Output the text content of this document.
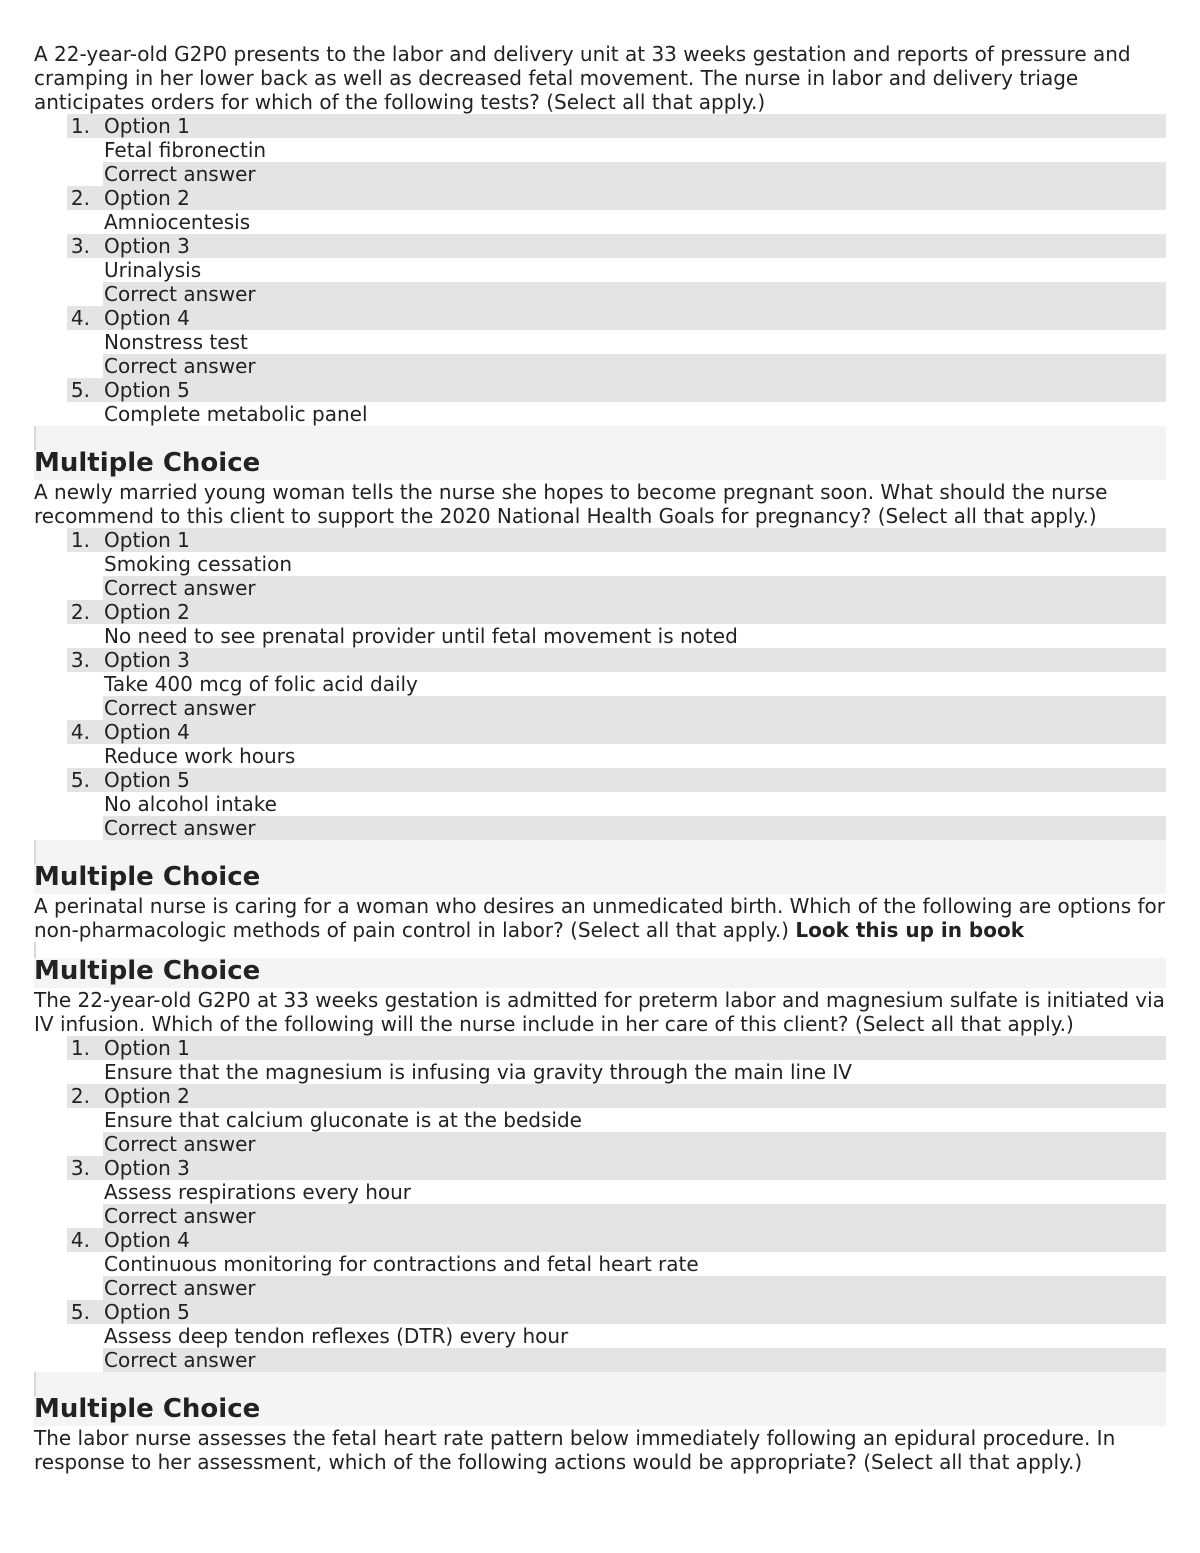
A 22-year-old G2P0 presents to the labor and delivery unit at 33 weeks gestation and reports of pressure and cramping in her lower back as well as decreased fetal movement. The nurse in labor and delivery triage anticipates orders for which of the following tests? (Select all that apply.)

1. Option 1
Fetal fibronectin
Correct answer
2. Option 2
Amniocentesis
3. Option 3
Urinalysis
Correct answer
4. Option 4
Nonstress test
Correct answer
5. Option 5
Complete metabolic panel
Multiple Choice

A newly married young woman tells the nurse she hopes to become pregnant soon. What should the nurse recommend to this client to support the 2020 National Health Goals for pregnancy? (Select all that apply.)

1. Option 1
Smoking cessation
Correct answer
2. Option 2
No need to see prenatal provider until fetal movement is noted
3. Option 3
Take 400 mcg of folic acid daily
Correct answer
4. Option 4
Reduce work hours
5. Option 5
No alcohol intake
Correct answer
Multiple Choice

A perinatal nurse is caring for a woman who desires an unmedicated birth. Which of the following are options for non-pharmacologic methods of pain control in labor? (Select all that apply.) Look this up in book

Multiple Choice

The 22-year-old G2P0 at 33 weeks gestation is admitted for preterm labor and magnesium sulfate is initiated via IV infusion. Which of the following will the nurse include in her care of this client? (Select all that apply.)

1. Option 1
Ensure that the magnesium is infusing via gravity through the main line IV
2. Option 2
Ensure that calcium gluconate is at the bedside
Correct answer
3. Option 3
Assess respirations every hour
Correct answer
4. Option 4
Continuous monitoring for contractions and fetal heart rate
Correct answer
5. Option 5
Assess deep tendon reflexes (DTR) every hour
Correct answer
Multiple Choice

The labor nurse assesses the fetal heart rate pattern below immediately following an epidural procedure. In response to her assessment, which of the following actions would be appropriate? (Select all that apply.)
